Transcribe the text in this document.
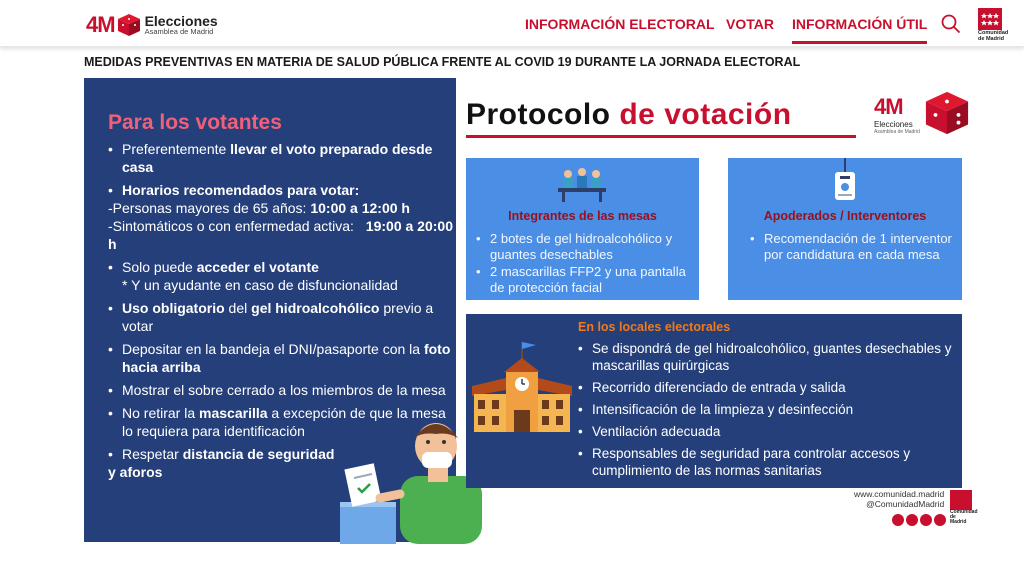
4M Elecciones
Asamblea de Madrid	INFORMACIÓN ELECTORAL VOTAR INFORMACIÓN ÚTIL
Comunidad de Madrid
MEDIDAS PREVENTIVAS EN MATERIA DE SALUD PÚBLICA FRENTE AL COVID 19 DURANTE LA JORNADA ELECTORAL
Para los votantes
• Preferentemente llevar el voto preparado desde casa
• Horarios recomendados para votar:
-Personas mayores de 65 años: 10:00 a 12:00 h
-Sintomáticos o con enfermedad activa: 19:00 a 20:00 h
• Solo puede acceder el votante
* Y un ayudante en caso de disfuncionalidad
• Uso obligatorio del gel hidroalcohólico previo a votar
• Depositar en la bandeja el DNI/pasaporte con la foto hacia arriba
• Mostrar el sobre cerrado a los miembros de la mesa
• No retirar la mascarilla a excepción de que la mesa lo requiera para identificación
• Respetar distancia de seguridad
y aforos
Protocolo de votación	4M
Elecciones
Asamblea de Madrid
Integrantes de las mesas
• 2 botes de gel hidroalcohólico y guantes desechables
• 2 mascarillas FFP2 y una pantalla de protección facial
Apoderados / Interventores
• Recomendación de 1 interventor por candidatura en cada mesa
En los locales electorales
• Se dispondrá de gel hidroalcohólico, guantes desechables y mascarillas quirúrgicas
• Recorrido diferenciado de entrada y salida
• Intensificación de la limpieza y desinfección
• Ventilación adecuada
• Responsables de seguridad para controlar accesos y cumplimiento de las normas sanitarias
www.comunidad.madrid
@ComunidadMadrid
Comunidad de Madrid
